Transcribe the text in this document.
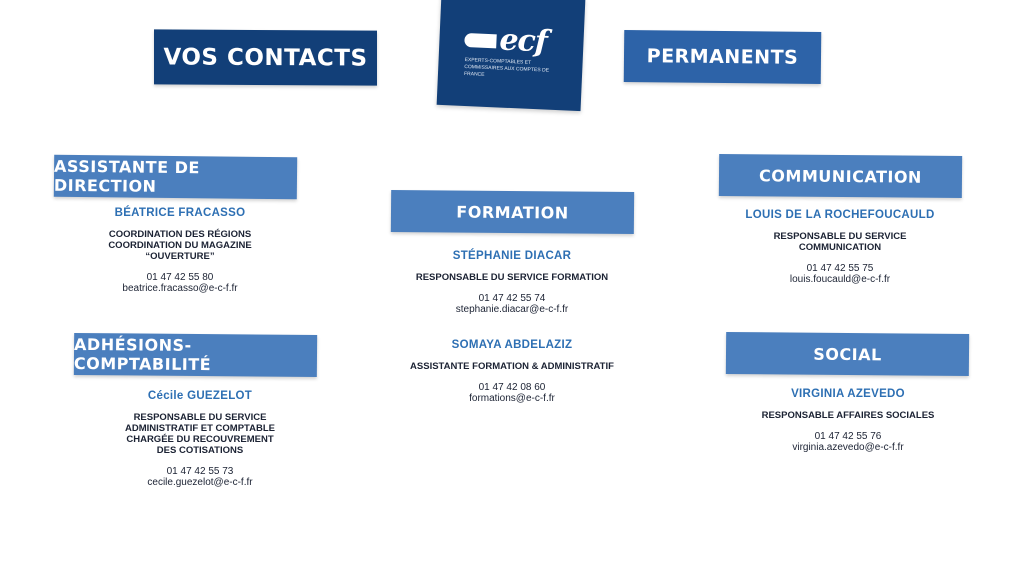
VOS CONTACTS	PERMANENTS
ecf
EXPERTS-COMPTABLES ET COMMISSAIRES AUX COMPTES DE FRANCE
ASSISTANTE DE DIRECTION
BÉATRICE FRACASSO
COORDINATION DES RÉGIONS
COORDINATION DU MAGAZINE
“OUVERTURE”
01 47 42 55 80
beatrice.fracasso@e-c-f.fr
FORMATION
STÉPHANIE DIACAR
RESPONSABLE DU SERVICE FORMATION
01 47 42 55 74
stephanie.diacar@e-c-f.fr
SOMAYA ABDELAZIZ
ASSISTANTE FORMATION & ADMINISTRATIF
01 47 42 08 60
formations@e-c-f.fr
COMMUNICATION
LOUIS DE LA ROCHEFOUCAULD
RESPONSABLE DU SERVICE
COMMUNICATION
01 47 42 55 75
louis.foucauld@e-c-f.fr
ADHÉSIONS-COMPTABILITÉ
Cécile GUEZELOT
RESPONSABLE DU SERVICE
ADMINISTRATIF ET COMPTABLE
CHARGÉE DU RECOUVREMENT
DES COTISATIONS
01 47 42 55 73
cecile.guezelot@e-c-f.fr
SOCIAL
VIRGINIA AZEVEDO
RESPONSABLE AFFAIRES SOCIALES
01 47 42 55 76
virginia.azevedo@e-c-f.fr
